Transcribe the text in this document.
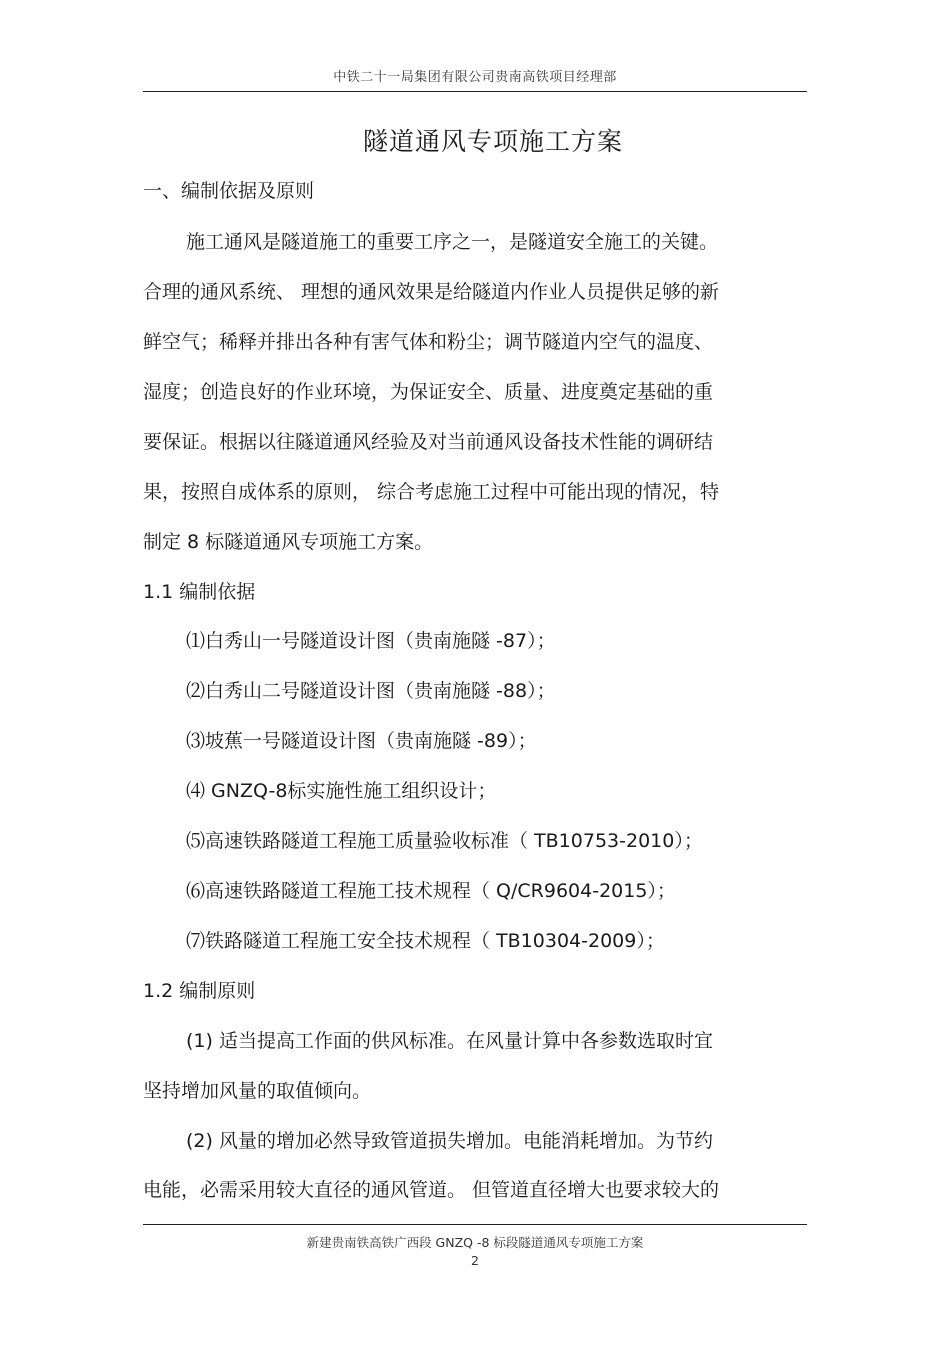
中铁二十一局集团有限公司贵南高铁项目经理部
隧道通风专项施工方案
一、编制依据及原则
施工通风是隧道施工的重要工序之一，是隧道安全施工的关键。
合理的通风系统、 理想的通风效果是给隧道内作业人员提供足够的新
鲜空气；稀释并排出各种有害气体和粉尘；调节隧道内空气的温度、
湿度；创造良好的作业环境，为保证安全、质量、进度奠定基础的重
要保证。根据以往隧道通风经验及对当前通风设备技术性能的调研结
果，按照自成体系的原则， 综合考虑施工过程中可能出现的情况，特
制定 8 标隧道通风专项施工方案。
1.1 编制依据
⑴白秀山一号隧道设计图（贵南施隧 -87）；
⑵白秀山二号隧道设计图（贵南施隧 -88）；
⑶坡蕉一号隧道设计图（贵南施隧 -89）；
⑷ GNZQ-8标实施性施工组织设计；
⑸高速铁路隧道工程施工质量验收标准（ TB10753-2010）；
⑹高速铁路隧道工程施工技术规程（ Q/CR9604-2015）；
⑺铁路隧道工程施工安全技术规程（ TB10304-2009）；
1.2 编制原则
(1) 适当提高工作面的供风标准。在风量计算中各参数选取时宜
坚持增加风量的取值倾向。
(2) 风量的增加必然导致管道损失增加。电能消耗增加。为节约
电能，必需采用较大直径的通风管道。 但管道直径增大也要求较大的
新建贵南铁高铁广西段 GNZQ -8 标段隧道通风专项施工方案
2
